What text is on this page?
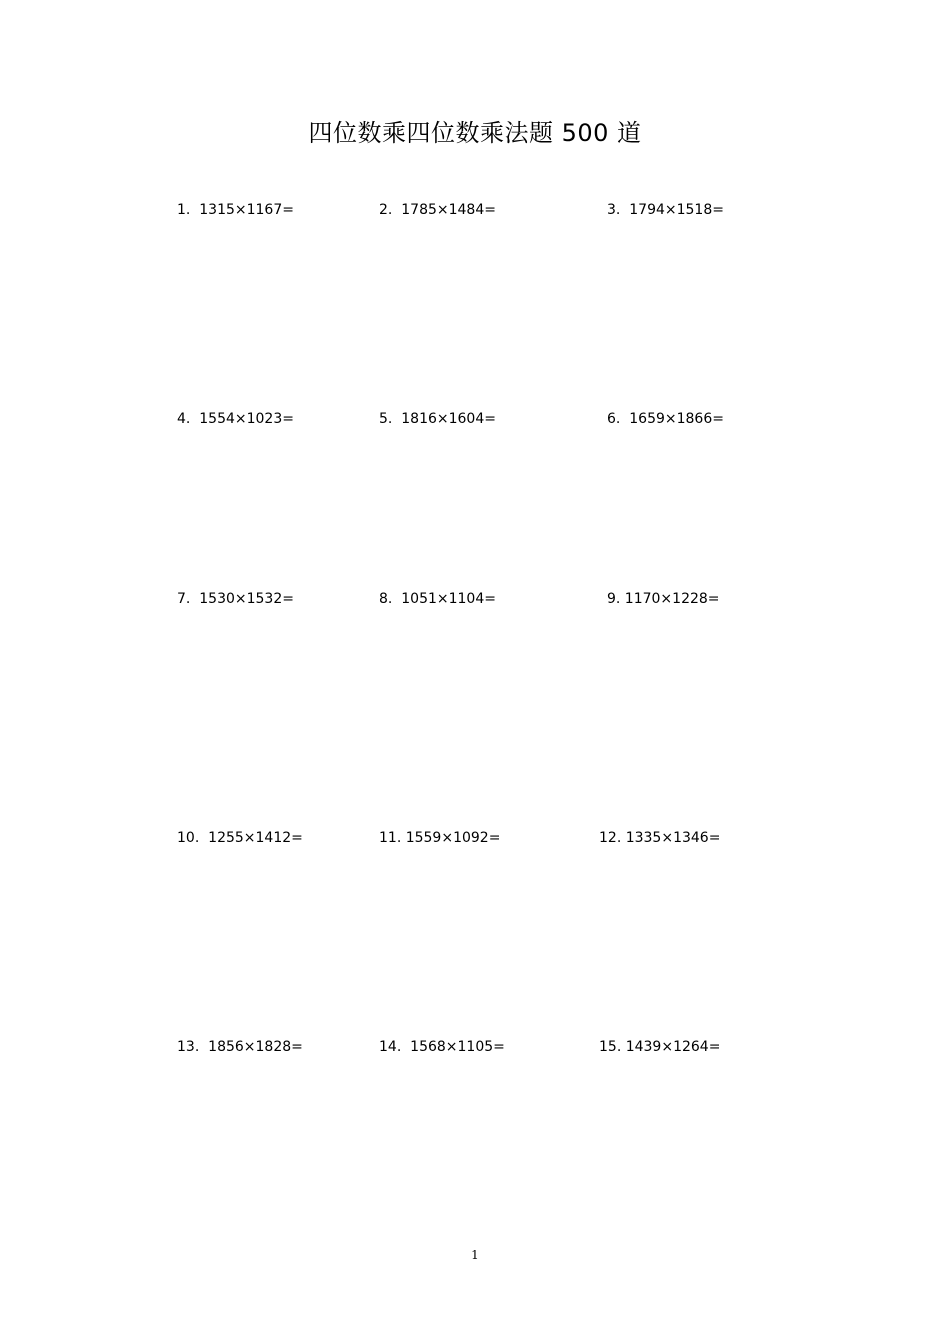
四位数乘四位数乘法题 500 道
1.  1315×1167=	2.  1785×1484=	3.  1794×1518=
4.  1554×1023=	5.  1816×1604=	6.  1659×1866=
7.  1530×1532=	8.  1051×1104=	9. 1170×1228=
10.  1255×1412=	11. 1559×1092=	12. 1335×1346=
13.  1856×1828=	14.  1568×1105=	15. 1439×1264=
1
